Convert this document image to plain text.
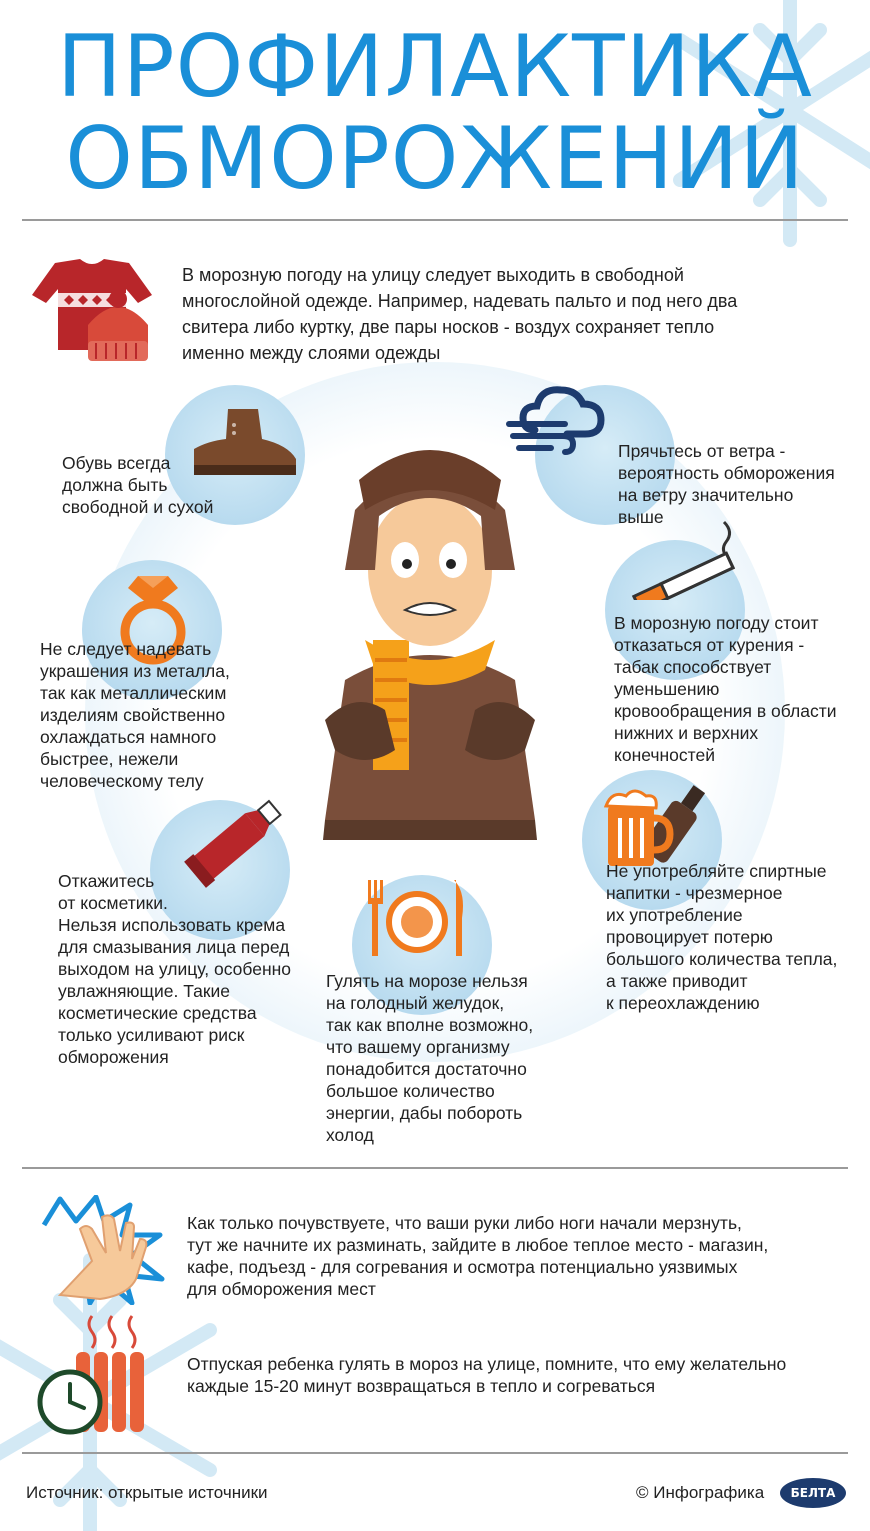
ПРОФИЛАКТИКА
ОБМОРОЖЕНИЙ
В морозную погоду на улицу следует выходить в свободной
многослойной одежде. Например, надевать пальто и под него два
свитера либо куртку, две пары носков - воздух сохраняет тепло
именно между слоями одежды
Обувь всегда
должна быть
свободной и сухой
Прячьтесь от ветра -
вероятность обморожения
на ветру значительно
выше
Не следует надевать
украшения из металла,
так как металлическим
изделиям свойственно
охлаждаться намного
быстрее, нежели
человеческому телу
В морозную погоду стоит
отказаться от курения -
табак способствует
уменьшению
кровообращения в области
нижних и верхних
конечностей
Откажитесь
от косметики.
Нельзя использовать крема
для смазывания лица перед
выходом на улицу, особенно
увлажняющие. Такие
косметические средства
только усиливают риск
обморожения
Не употребляйте спиртные
напитки - чрезмерное
их употребление
провоцирует потерю
большого количества тепла,
а также приводит
к переохлаждению
Гулять на морозе нельзя
на голодный желудок,
так как вполне возможно,
что вашему организму
понадобится достаточно
большое количество
энергии, дабы побороть
холод
Как только почувствуете, что ваши руки либо ноги начали мерзнуть,
тут же начните их разминать, зайдите в любое теплое место - магазин,
кафе, подъезд - для согревания и осмотра потенциально уязвимых
для обморожения мест
Отпуская ребенка гулять в мороз на улице, помните, что ему желательно
каждые 15-20 минут возвращаться в тепло и согреваться
Источник: открытые источники	© Инфографика	БЕЛТА
